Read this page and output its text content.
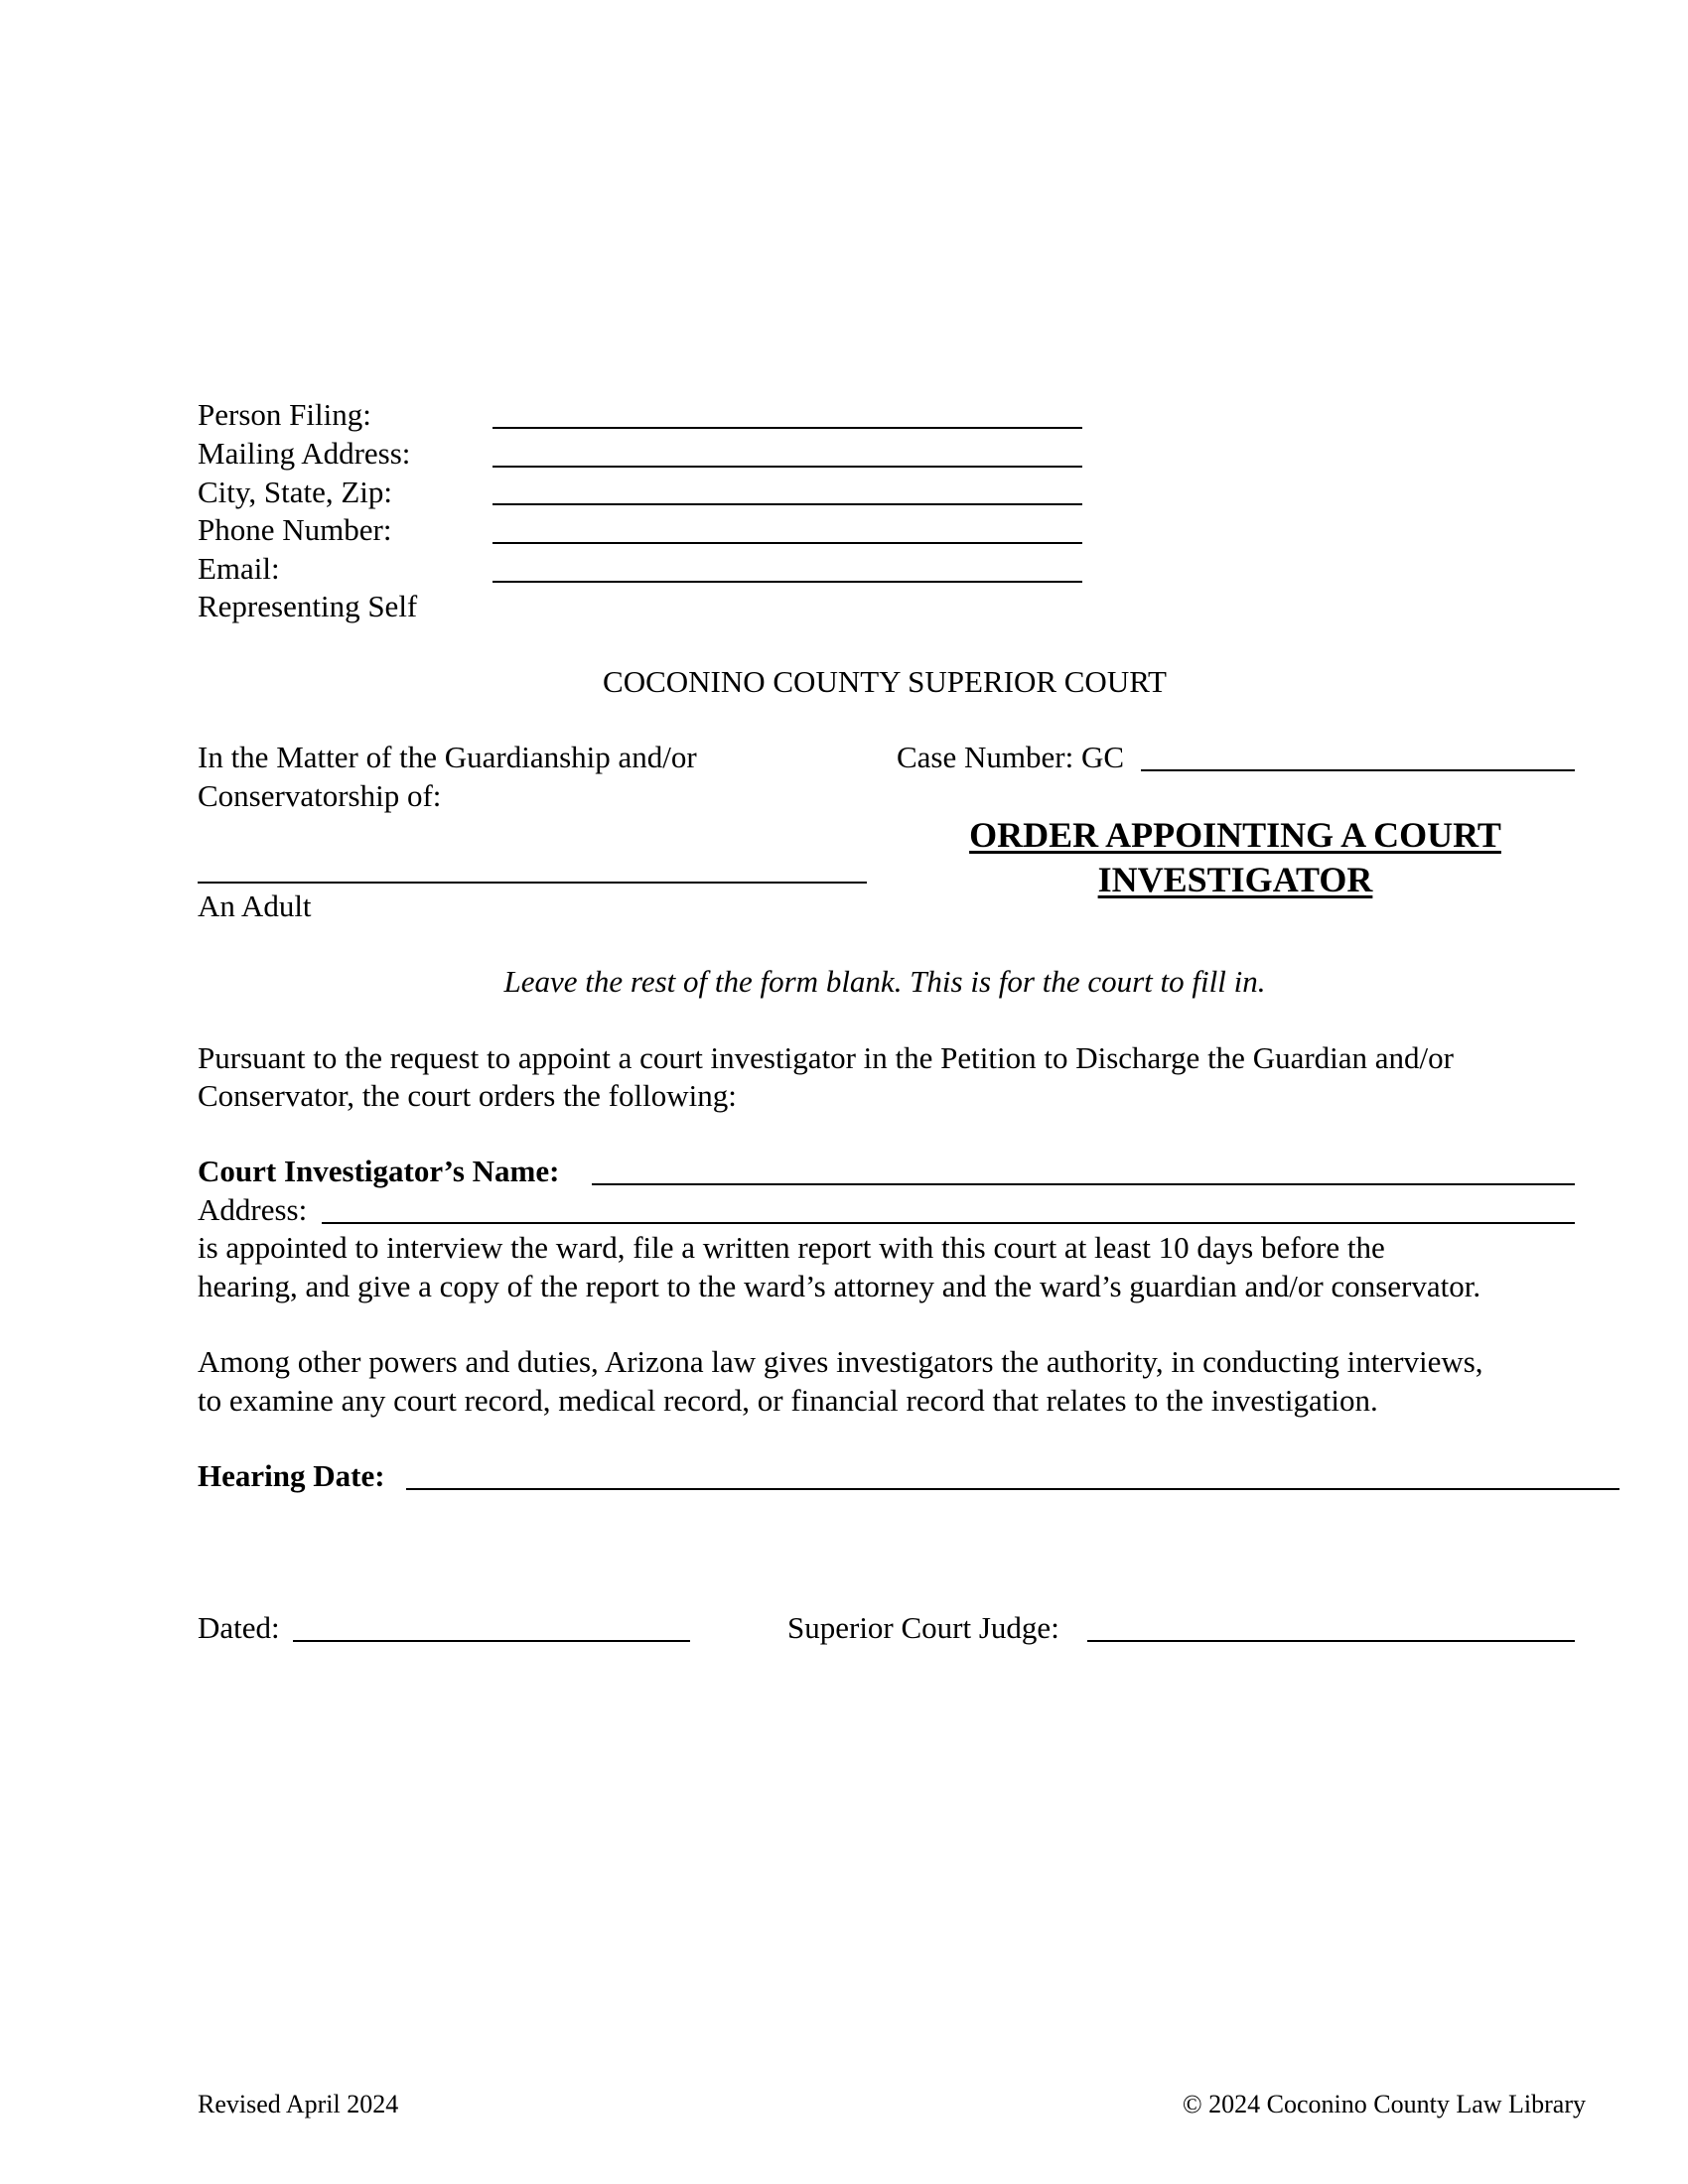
Person Filing:
Mailing Address:
City, State, Zip:
Phone Number:
Email:
Representing Self
COCONINO COUNTY SUPERIOR COURT
In the Matter of the Guardianship and/or
Conservatorship of:
An Adult
Case Number: GC
ORDER APPOINTING A COURT
INVESTIGATOR
Leave the rest of the form blank. This is for the court to fill in.
Pursuant to the request to appoint a court investigator in the Petition to Discharge the Guardian and/or
Conservator, the court orders the following:
Court Investigator’s Name:
Address:
is appointed to interview the ward, file a written report with this court at least 10 days before the
hearing, and give a copy of the report to the ward’s attorney and the ward’s guardian and/or conservator.
Among other powers and duties, Arizona law gives investigators the authority, in conducting interviews,
to examine any court record, medical record, or financial record that relates to the investigation.
Hearing Date:
Dated:	Superior Court Judge:
Revised April 2024	© 2024 Coconino County Law Library
